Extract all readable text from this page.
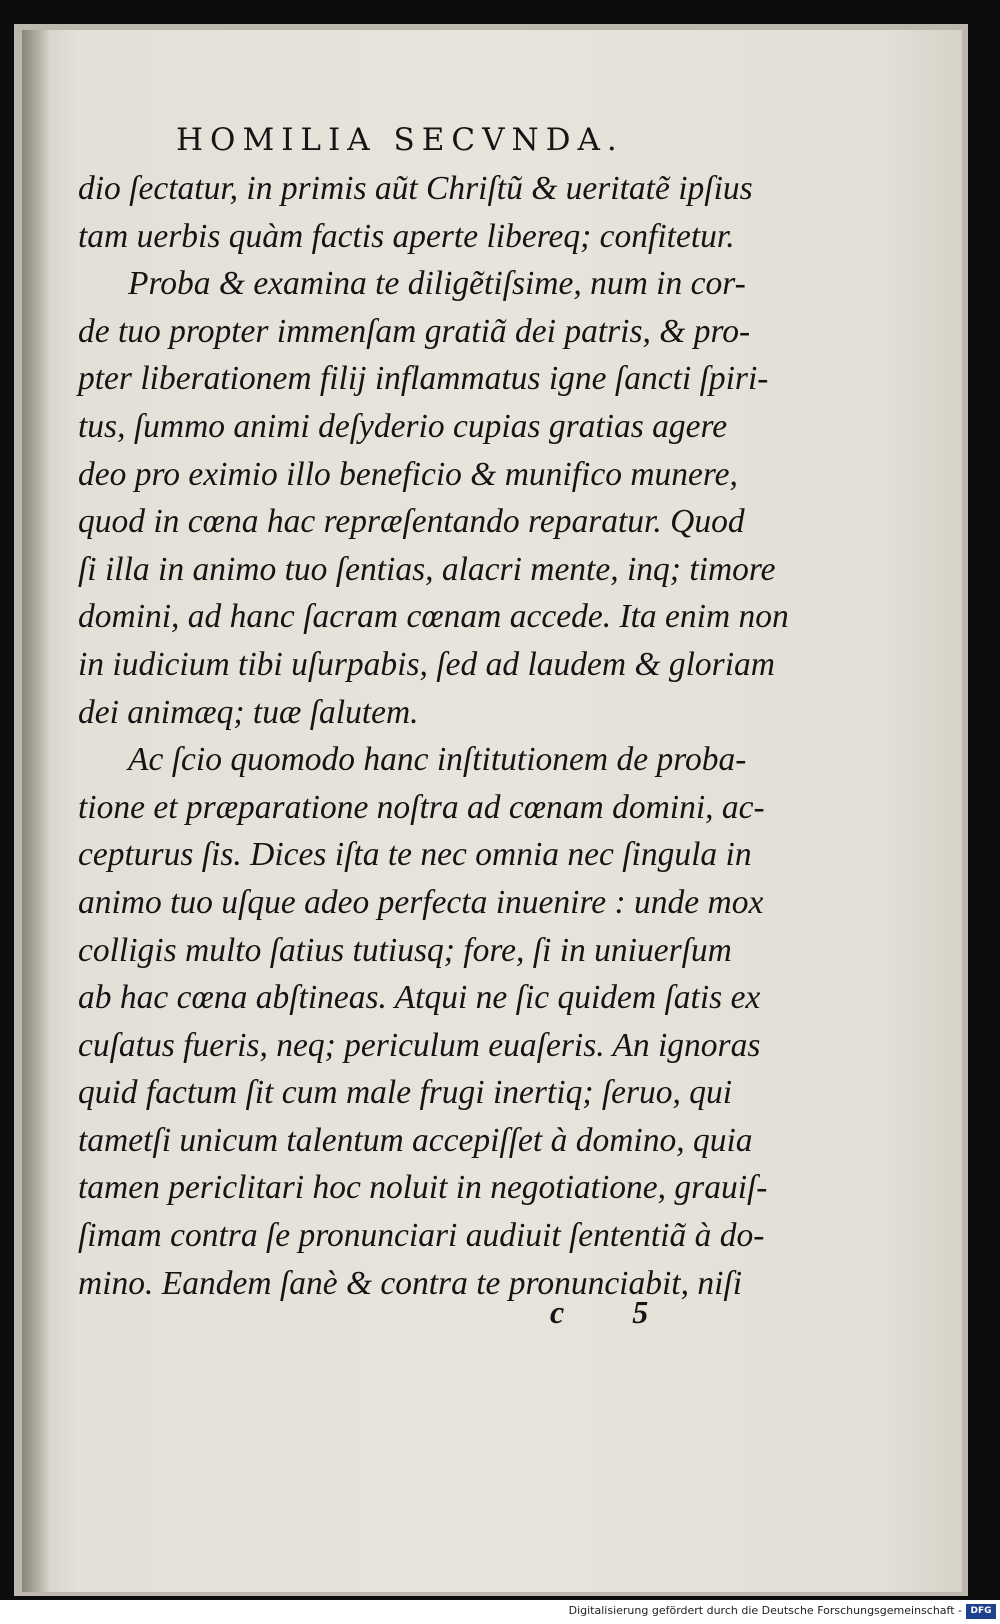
HOMILIA SECVNDA.
dio ſectatur, in primis aũt Chriſtũ & ueritatẽ ipſius
tam uerbis quàm factis aperte libereq; confitetur.
Proba & examina te diligẽtiſsime, num in cor-
de tuo propter immenſam gratiã dei patris, & pro-
pter liberationem filij inflammatus igne ſancti ſpiri-
tus, ſummo animi deſyderio cupias gratias agere
deo pro eximio illo beneficio & munifico munere,
quod in cœna hac repræſentando reparatur. Quod
ſi illa in animo tuo ſentias, alacri mente, inq; timore
domini, ad hanc ſacram cœnam accede. Ita enim non
in iudicium tibi uſurpabis, ſed ad laudem & gloriam
dei animæq; tuæ ſalutem.
Ac ſcio quomodo hanc inſtitutionem de proba-
tione et præparatione noſtra ad cœnam domini, ac-
cepturus ſis. Dices iſta te nec omnia nec ſingula in
animo tuo uſque adeo perfecta inuenire : unde mox
colligis multo ſatius tutiusq; fore, ſi in uniuerſum
ab hac cœna abſtineas. Atqui ne ſic quidem ſatis ex
cuſatus fueris, neq; periculum euaſeris. An ignoras
quid factum ſit cum male frugi inertiq; ſeruo, qui
tametſi unicum talentum accepiſſet à domino, quia
tamen periclitari hoc noluit in negotiatione, grauiſ-
ſimam contra ſe pronunciari audiuit ſententiã à do-
mino. Eandem ſanè & contra te pronunciabit, niſi
c 5
Digitalisierung gefördert durch die Deutsche Forschungsgemeinschaft - DFG
